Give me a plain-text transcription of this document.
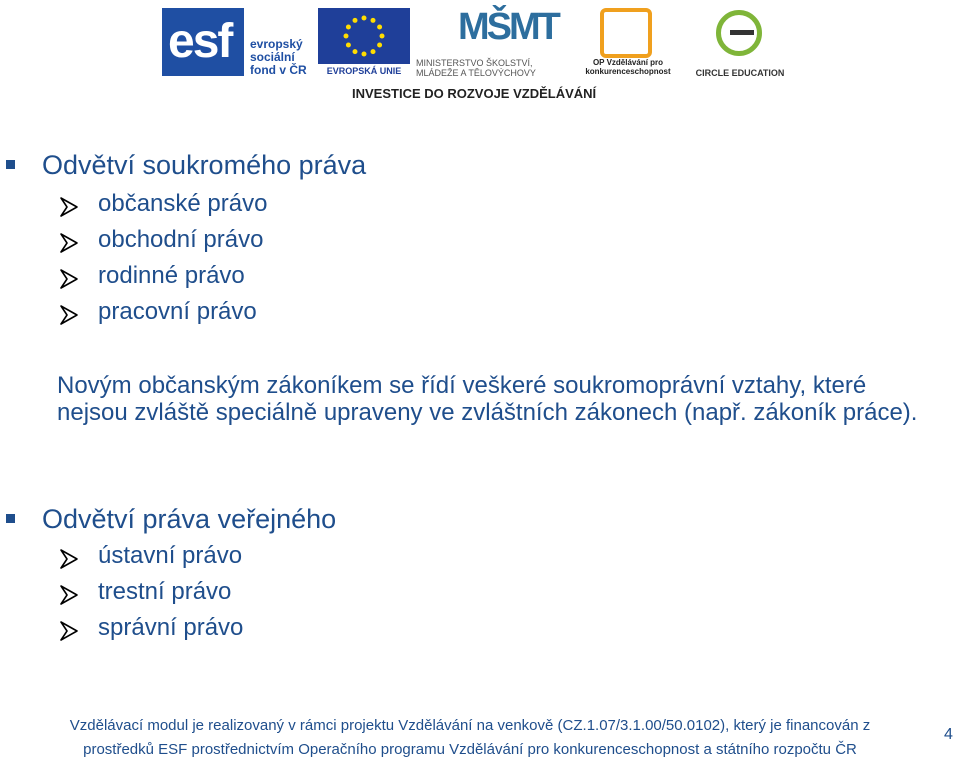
esf evropský sociální fond v ČR	EVROPSKÁ UNIE
MŠMT
MINISTERSTVO ŠKOLSTVÍ, MLÁDEŽE A TĚLOVÝCHOVY
OP Vzdělávání pro konkurenceschopnost	CIRCLE EDUCATION
INVESTICE DO ROZVOJE VZDĚLÁVÁNÍ
Odvětví soukromého práva
občanské právo
obchodní právo
rodinné právo
pracovní právo
Novým občanským zákoníkem se řídí veškeré soukromoprávní vztahy, které nejsou zvláště speciálně upraveny ve zvláštních zákonech (např. zákoník práce).
Odvětví práva veřejného
ústavní právo
trestní právo
správní právo
Vzdělávací modul je realizovaný v rámci projektu Vzdělávání na venkově (CZ.1.07/3.1.00/50.0102), který je financován z
prostředků ESF prostřednictvím Operačního programu Vzdělávání pro konkurenceschopnost a státního rozpočtu ČR
4
